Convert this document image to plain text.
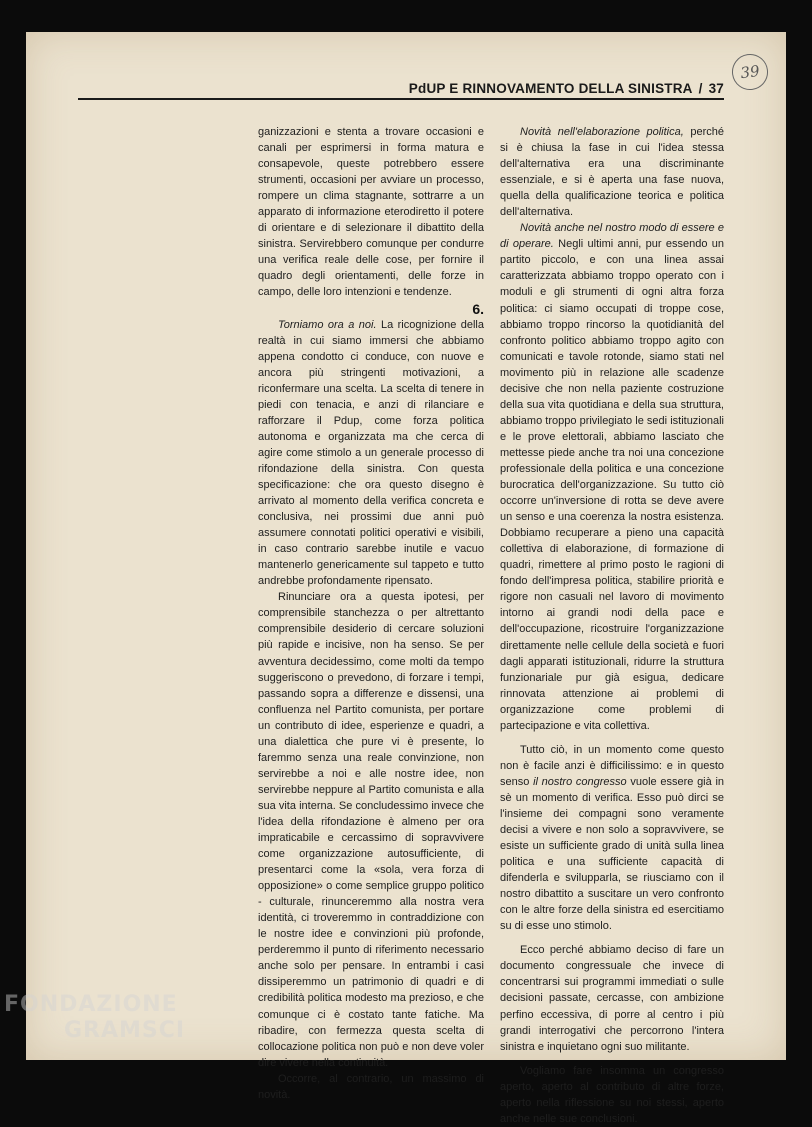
PdUP E RINNOVAMENTO DELLA SINISTRA / 37
39

ganizzazioni e stenta a trovare occasioni e canali per esprimersi in forma matura e consapevole, queste potrebbero essere strumenti, occasioni per avviare un processo, rompere un clima stagnante, sottrarre a un apparato di informazione eterodiretto il potere di orientare e di selezionare il dibattito della sinistra. Servirebbero comunque per condurre una verifica reale delle cose, per fornire il quadro degli orientamenti, delle forze in campo, delle loro intenzioni e tendenze.

6.

Torniamo ora a noi. La ricognizione della realtà in cui siamo immersi che abbiamo appena condotto ci conduce, con nuove e ancora più stringenti motivazioni, a riconfermare una scelta. La scelta di tenere in piedi con tenacia, e anzi di rilanciare e rafforzare il Pdup, come forza politica autonoma e organizzata ma che cerca di agire come stimolo a un generale processo di rifondazione della sinistra. Con questa specificazione: che ora questo disegno è arrivato al momento della verifica concreta e conclusiva, nei prossimi due anni può assumere connotati politici operativi e visibili, in caso contrario sarebbe inutile e vacuo mantenerlo genericamente sul tappeto e tutto andrebbe profondamente ripensato.

Rinunciare ora a questa ipotesi, per comprensibile stanchezza o per altrettanto comprensibile desiderio di cercare soluzioni più rapide e incisive, non ha senso. Se per avventura decidessimo, come molti da tempo suggeriscono o prevedono, di forzare i tempi, passando sopra a differenze e dissensi, una confluenza nel Partito comunista, per portare un contributo di idee, esperienze e quadri, a una dialettica che pure vi è presente, lo faremmo senza una reale convinzione, non servirebbe a noi e alle nostre idee, non servirebbe neppure al Partito comunista e alla sua vita interna. Se concludessimo invece che l'idea della rifondazione è almeno per ora impraticabile e cercassimo di sopravvivere come organizzazione autosufficiente, di presentarci come la «sola, vera forza di opposizione» o come semplice gruppo politico - culturale, rinunceremmo alla nostra vera identità, ci troveremmo in contraddizione con le nostre idee e convinzioni più profonde, perderemmo il punto di riferimento necessario anche solo per pensare. In entrambi i casi dissiperemmo un patrimonio di quadri e di credibilità politica modesto ma prezioso, e che comunque ci è costato tante fatiche. Ma ribadire, con fermezza questa scelta di collocazione politica non può e non deve voler dire vivere nella continuità.

Occorre, al contrario, un massimo di novità.

Novità nell'elaborazione politica, perché si è chiusa la fase in cui l'idea stessa dell'alternativa era una discriminante essenziale, e si è aperta una fase nuova, quella della qualificazione teorica e politica dell'alternativa.

Novità anche nel nostro modo di essere e di operare. Negli ultimi anni, pur essendo un partito piccolo, e con una linea assai caratterizzata abbiamo troppo operato con i moduli e gli strumenti di ogni altra forza politica: ci siamo occupati di troppe cose, abbiamo troppo rincorso la quotidianità del confronto politico abbiamo troppo agito con comunicati e tavole rotonde, siamo stati nel movimento più in relazione alle scadenze decisive che non nella paziente costruzione della sua vita quotidiana e della sua struttura, abbiamo troppo privilegiato le sedi istituzionali e le prove elettorali, abbiamo lasciato che mettesse piede anche tra noi una concezione professionale della politica e una concezione burocratica dell'organizzazione. Su tutto ciò occorre un'inversione di rotta se deve avere un senso e una coerenza la nostra esistenza. Dobbiamo recuperare a pieno una capacità collettiva di elaborazione, di formazione di quadri, rimettere al primo posto le ragioni di fondo dell'impresa politica, stabilire priorità e rigore non casuali nel lavoro di movimento intorno ai grandi nodi della pace e dell'occupazione, ricostruire l'organizzazione direttamente nelle cellule della società e fuori dagli apparati istituzionali, ridurre la struttura funzionariale pur già esigua, dedicare rinnovata attenzione ai problemi di organizzazione come problemi di partecipazione e vita collettiva.

Tutto ciò, in un momento come questo non è facile anzi è difficilissimo: e in questo senso il nostro congresso vuole essere già in sè un momento di verifica. Esso può dirci se l'insieme dei compagni sono veramente decisi a vivere e non solo a sopravvivere, se esiste un sufficiente grado di unità sulla linea politica e una sufficiente capacità di difenderla e svilupparla, se riusciamo con il nostro dibattito a suscitare un vero confronto con le altre forze della sinistra ed esercitiamo su di esse uno stimolo.

Ecco perché abbiamo deciso di fare un documento congressuale che invece di concentrarsi sui programmi immediati o sulle decisioni passate, cercasse, con ambizione perfino eccessiva, di porre al centro i più grandi interrogativi che percorrono l'intera sinistra e inquietano ogni suo militante.

Vogliamo fare insomma un congresso aperto, aperto al contributo di altre forze, aperto nella riflessione su noi stessi, aperto anche nelle sue conclusioni.

FONDAZIONE
GRAMSCI
